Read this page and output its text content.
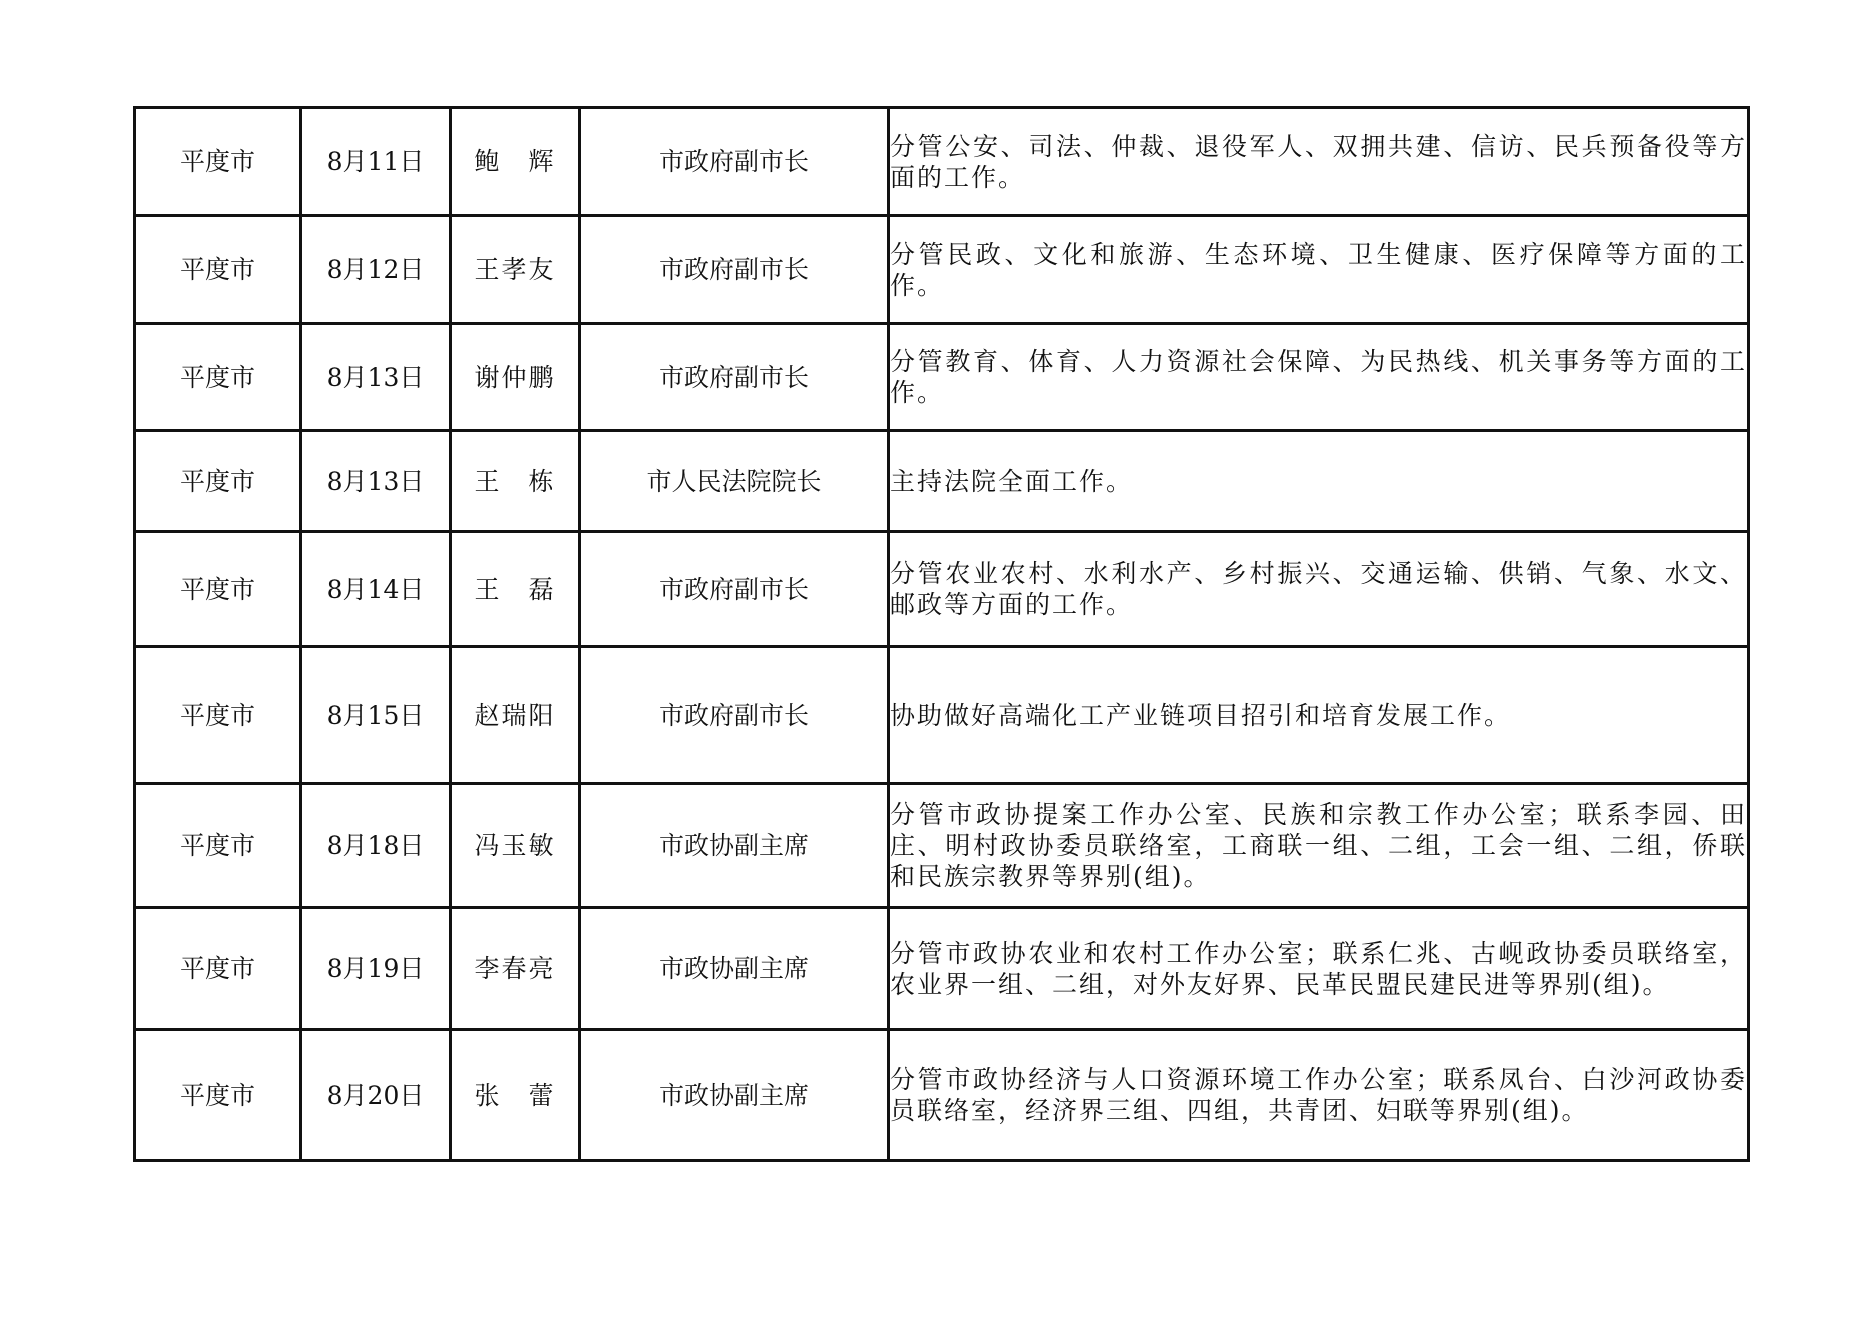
平度市	8月11日	鲍　辉	市政府副市长	分管公安、司法、仲裁、退役军人、双拥共建、信访、民兵预备役等方面的工作。
平度市	8月12日	王孝友	市政府副市长	分管民政、文化和旅游、生态环境、卫生健康、医疗保障等方面的工作。
平度市	8月13日	谢仲鹏	市政府副市长	分管教育、体育、人力资源社会保障、为民热线、机关事务等方面的工作。
平度市	8月13日	王　栋	市人民法院院长	主持法院全面工作。
平度市	8月14日	王　磊	市政府副市长	分管农业农村、水利水产、乡村振兴、交通运输、供销、气象、水文、邮政等方面的工作。
平度市	8月15日	赵瑞阳	市政府副市长	协助做好高端化工产业链项目招引和培育发展工作。
平度市	8月18日	冯玉敏	市政协副主席	分管市政协提案工作办公室、民族和宗教工作办公室；联系李园、田庄、明村政协委员联络室，工商联一组、二组，工会一组、二组，侨联和民族宗教界等界别(组)。
平度市	8月19日	李春亮	市政协副主席	分管市政协农业和农村工作办公室；联系仁兆、古岘政协委员联络室，农业界一组、二组，对外友好界、民革民盟民建民进等界别(组)。
平度市	8月20日	张　蕾	市政协副主席	分管市政协经济与人口资源环境工作办公室；联系凤台、白沙河政协委员联络室，经济界三组、四组，共青团、妇联等界别(组)。
